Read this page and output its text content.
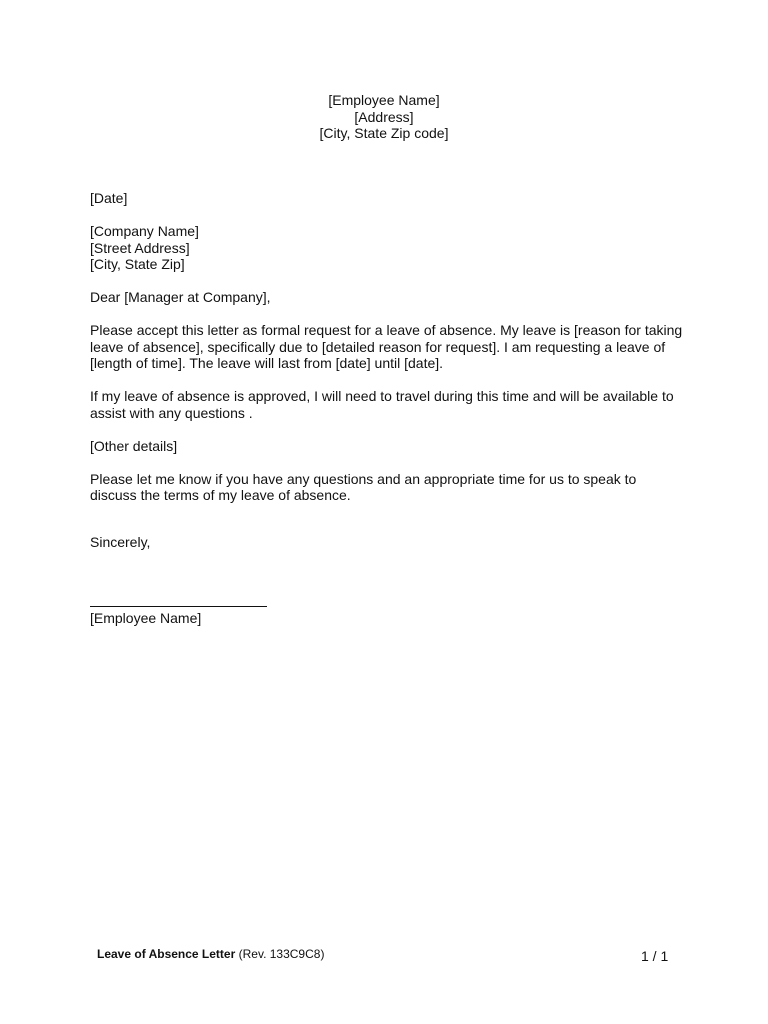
[Employee Name]
[Address]
[City, State Zip code]
[Date]
[Company Name]
[Street Address]
[City, State Zip]
Dear [Manager at Company],
Please accept this letter as formal request for a leave of absence. My leave is [reason for taking
leave of absence], specifically due to [detailed reason for request]. I am requesting a leave of
[length of time]. The leave will last from [date] until [date].
If my leave of absence is approved, I will need to travel during this time and will be available to
assist with any questions .
[Other details]
Please let me know if you have any questions and an appropriate time for us to speak to
discuss the terms of my leave of absence.
Sincerely,
[Employee Name]
Leave of Absence Letter (Rev. 133C9C8)	1 / 1
